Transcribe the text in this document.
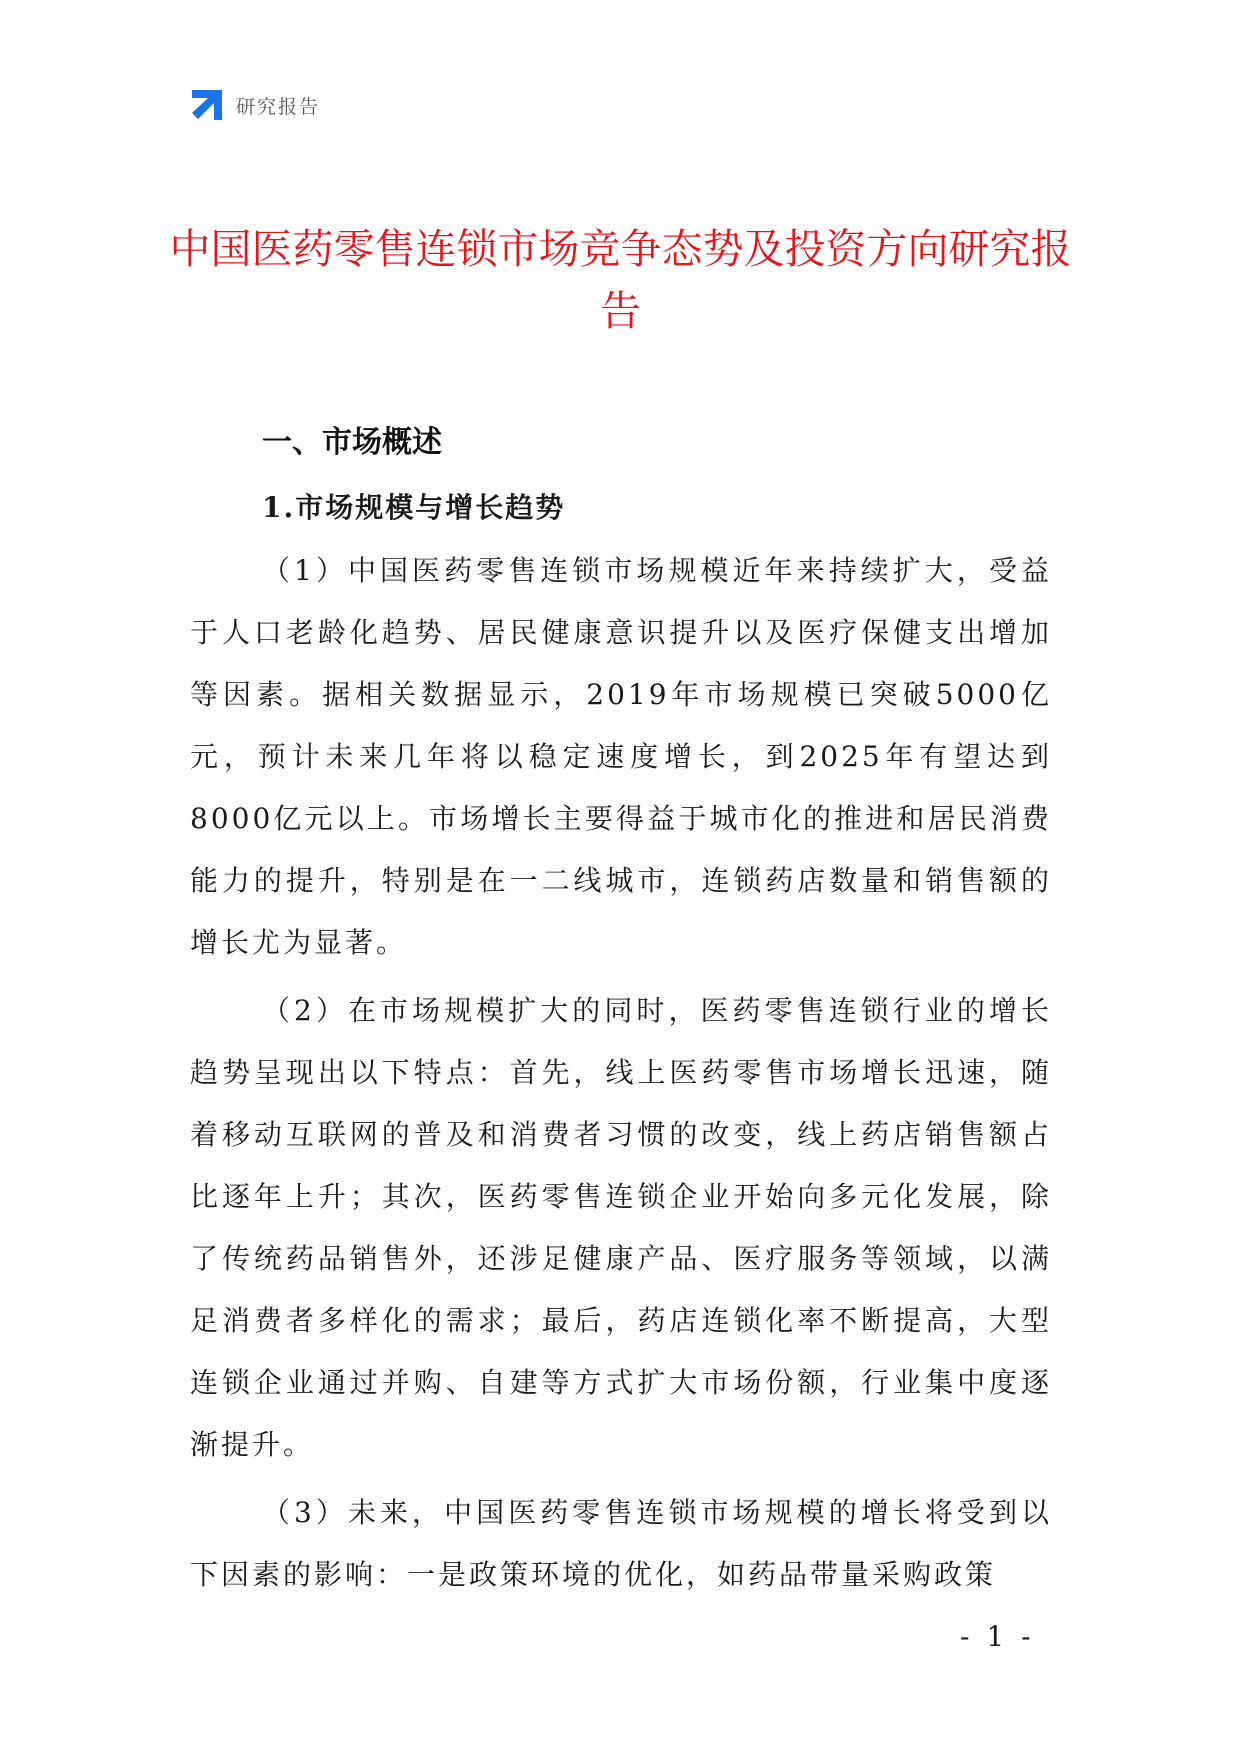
研究报告
中国医药零售连锁市场竞争态势及投资方向研究报告
一、市场概述
1.市场规模与增长趋势

（1）中国医药零售连锁市场规模近年来持续扩大，受益于人口老龄化趋势、居民健康意识提升以及医疗保健支出增加等因素。据相关数据显示，2019年市场规模已突破5000亿元，预计未来几年将以稳定速度增长，到2025年有望达到8000亿元以上。市场增长主要得益于城市化的推进和居民消费能力的提升，特别是在一二线城市，连锁药店数量和销售额的增长尤为显著。

（2）在市场规模扩大的同时，医药零售连锁行业的增长趋势呈现出以下特点：首先，线上医药零售市场增长迅速，随着移动互联网的普及和消费者习惯的改变，线上药店销售额占比逐年上升；其次，医药零售连锁企业开始向多元化发展，除了传统药品销售外，还涉足健康产品、医疗服务等领域，以满足消费者多样化的需求；最后，药店连锁化率不断提高，大型连锁企业通过并购、自建等方式扩大市场份额，行业集中度逐渐提升。

（3）未来，中国医药零售连锁市场规模的增长将受到以下因素的影响：一是政策环境的优化，如药品带量采购政策

- 1 -
